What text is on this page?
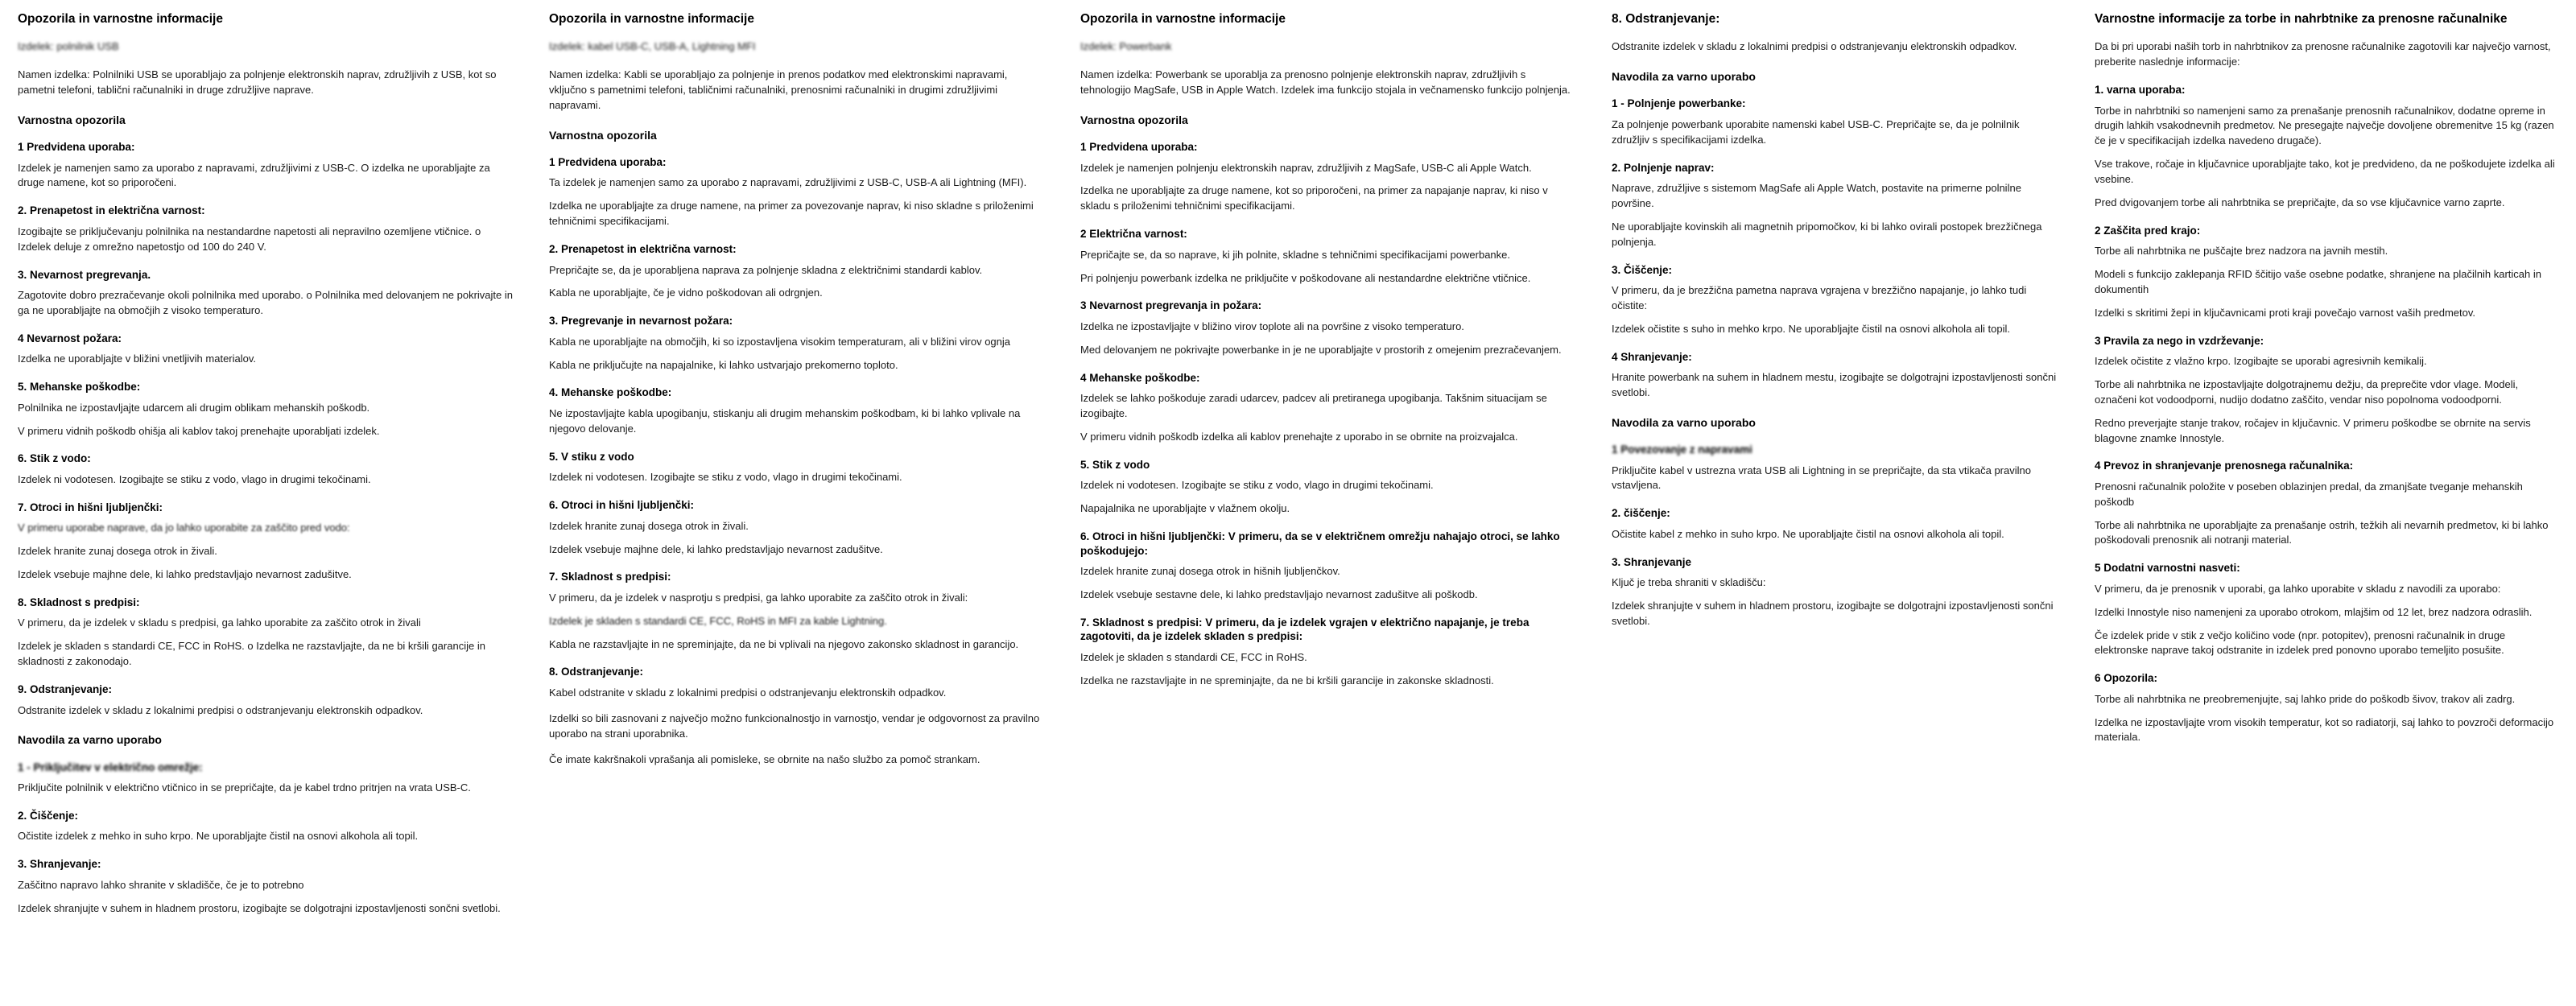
Opozorila in varnostne informacije

Izdelek: polnilnik USB

Namen izdelka: Polnilniki USB se uporabljajo za polnjenje elektronskih naprav, združljivih z USB, kot so pametni telefoni, tablični računalniki in druge združljive naprave.

Varnostna opozorila
1 Predvidena uporaba:

Izdelek je namenjen samo za uporabo z napravami, združljivimi z USB-C. O izdelka ne uporabljajte za druge namene, kot so priporočeni.

2. Prenapetost in električna varnost:

Izogibajte se priključevanju polnilnika na nestandardne napetosti ali nepravilno ozemljene vtičnice. o Izdelek deluje z omrežno napetostjo od 100 do 240 V.

3. Nevarnost pregrevanja.

Zagotovite dobro prezračevanje okoli polnilnika med uporabo. o Polnilnika med delovanjem ne pokrivajte in ga ne uporabljajte na območjih z visoko temperaturo.

4 Nevarnost požara:

Izdelka ne uporabljajte v bližini vnetljivih materialov.

5. Mehanske poškodbe:

Polnilnika ne izpostavljajte udarcem ali drugim oblikam mehanskih poškodb.

V primeru vidnih poškodb ohišja ali kablov takoj prenehajte uporabljati izdelek.

6. Stik z vodo:

Izdelek ni vodotesen. Izogibajte se stiku z vodo, vlago in drugimi tekočinami.

7. Otroci in hišni ljubljenčki:

V primeru uporabe naprave, da jo lahko uporabite za zaščito pred vodo:

Izdelek hranite zunaj dosega otrok in živali.

Izdelek vsebuje majhne dele, ki lahko predstavljajo nevarnost zadušitve.

8. Skladnost s predpisi:

V primeru, da je izdelek v skladu s predpisi, ga lahko uporabite za zaščito otrok in živali

Izdelek je skladen s standardi CE, FCC in RoHS. o Izdelka ne razstavljajte, da ne bi kršili garancije in skladnosti z zakonodajo.

9. Odstranjevanje:

Odstranite izdelek v skladu z lokalnimi predpisi o odstranjevanju elektronskih odpadkov.

Navodila za varno uporabo
1 - Priključitev v električno omrežje:

Priključite polnilnik v električno vtičnico in se prepričajte, da je kabel trdno pritrjen na vrata USB-C.

2. Čiščenje:

Očistite izdelek z mehko in suho krpo. Ne uporabljajte čistil na osnovi alkohola ali topil.

3. Shranjevanje:

Zaščitno napravo lahko shranite v skladišče, če je to potrebno

Izdelek shranjujte v suhem in hladnem prostoru, izogibajte se dolgotrajni izpostavljenosti sončni svetlobi.

Opozorila in varnostne informacije

Izdelek: kabel USB-C, USB-A, Lightning MFI

Namen izdelka: Kabli se uporabljajo za polnjenje in prenos podatkov med elektronskimi napravami, vključno s pametnimi telefoni, tabličnimi računalniki, prenosnimi računalniki in drugimi združljivimi napravami.

Varnostna opozorila
1 Predvidena uporaba:

Ta izdelek je namenjen samo za uporabo z napravami, združljivimi z USB-C, USB-A ali Lightning (MFI).

Izdelka ne uporabljajte za druge namene, na primer za povezovanje naprav, ki niso skladne s priloženimi tehničnimi specifikacijami.

2. Prenapetost in električna varnost:

Prepričajte se, da je uporabljena naprava za polnjenje skladna z električnimi standardi kablov.

Kabla ne uporabljajte, če je vidno poškodovan ali odrgnjen.

3. Pregrevanje in nevarnost požara:

Kabla ne uporabljajte na območjih, ki so izpostavljena visokim temperaturam, ali v bližini virov ognja

Kabla ne priključujte na napajalnike, ki lahko ustvarjajo prekomerno toploto.

4. Mehanske poškodbe:

Ne izpostavljajte kabla upogibanju, stiskanju ali drugim mehanskim poškodbam, ki bi lahko vplivale na njegovo delovanje.

5. V stiku z vodo

Izdelek ni vodotesen. Izogibajte se stiku z vodo, vlago in drugimi tekočinami.

6. Otroci in hišni ljubljenčki:

Izdelek hranite zunaj dosega otrok in živali.

Izdelek vsebuje majhne dele, ki lahko predstavljajo nevarnost zadušitve.

7. Skladnost s predpisi:

V primeru, da je izdelek v nasprotju s predpisi, ga lahko uporabite za zaščito otrok in živali:

Izdelek je skladen s standardi CE, FCC, RoHS in MFI za kable Lightning.

Kabla ne razstavljajte in ne spreminjajte, da ne bi vplivali na njegovo zakonsko skladnost in garancijo.

8. Odstranjevanje:

Kabel odstranite v skladu z lokalnimi predpisi o odstranjevanju elektronskih odpadkov.

Izdelki so bili zasnovani z največjo možno funkcionalnostjo in varnostjo, vendar je odgovornost za pravilno uporabo na strani uporabnika.

Če imate kakršnakoli vprašanja ali pomisleke, se obrnite na našo službo za pomoč strankam.

Opozorila in varnostne informacije

Izdelek: Powerbank

Namen izdelka: Powerbank se uporablja za prenosno polnjenje elektronskih naprav, združljivih s tehnologijo MagSafe, USB in Apple Watch. Izdelek ima funkcijo stojala in večnamensko funkcijo polnjenja.

Varnostna opozorila
1 Predvidena uporaba:

Izdelek je namenjen polnjenju elektronskih naprav, združljivih z MagSafe, USB-C ali Apple Watch.

Izdelka ne uporabljajte za druge namene, kot so priporočeni, na primer za napajanje naprav, ki niso v skladu s priloženimi tehničnimi specifikacijami.

2 Električna varnost:

Prepričajte se, da so naprave, ki jih polnite, skladne s tehničnimi specifikacijami powerbanke.

Pri polnjenju powerbank izdelka ne priključite v poškodovane ali nestandardne električne vtičnice.

3 Nevarnost pregrevanja in požara:

Izdelka ne izpostavljajte v bližino virov toplote ali na površine z visoko temperaturo.

Med delovanjem ne pokrivajte powerbanke in je ne uporabljajte v prostorih z omejenim prezračevanjem.

4 Mehanske poškodbe:

Izdelek se lahko poškoduje zaradi udarcev, padcev ali pretiranega upogibanja. Takšnim situacijam se izogibajte.

V primeru vidnih poškodb izdelka ali kablov prenehajte z uporabo in se obrnite na proizvajalca.

5. Stik z vodo

Izdelek ni vodotesen. Izogibajte se stiku z vodo, vlago in drugimi tekočinami.

Napajalnika ne uporabljajte v vlažnem okolju.

6. Otroci in hišni ljubljenčki: V primeru, da se v električnem omrežju nahajajo otroci, se lahko poškodujejo:

Izdelek hranite zunaj dosega otrok in hišnih ljubljenčkov.

Izdelek vsebuje sestavne dele, ki lahko predstavljajo nevarnost zadušitve ali poškodb.

7. Skladnost s predpisi: V primeru, da je izdelek vgrajen v električno napajanje, je treba zagotoviti, da je izdelek skladen s predpisi:

Izdelek je skladen s standardi CE, FCC in RoHS.

Izdelka ne razstavljajte in ne spreminjajte, da ne bi kršili garancije in zakonske skladnosti.

8. Odstranjevanje:

Odstranite izdelek v skladu z lokalnimi predpisi o odstranjevanju elektronskih odpadkov.

Navodila za varno uporabo
1 - Polnjenje powerbanke:

Za polnjenje powerbank uporabite namenski kabel USB-C. Prepričajte se, da je polnilnik združljiv s specifikacijami izdelka.

2. Polnjenje naprav:

Naprave, združljive s sistemom MagSafe ali Apple Watch, postavite na primerne polnilne površine.

Ne uporabljajte kovinskih ali magnetnih pripomočkov, ki bi lahko ovirali postopek brezžičnega polnjenja.

3. Čiščenje:

V primeru, da je brezžična pametna naprava vgrajena v brezžično napajanje, jo lahko tudi očistite:

Izdelek očistite s suho in mehko krpo. Ne uporabljajte čistil na osnovi alkohola ali topil.

4 Shranjevanje:

Hranite powerbank na suhem in hladnem mestu, izogibajte se dolgotrajni izpostavljenosti sončni svetlobi.

Navodila za varno uporabo
1 Povezovanje z napravami

Priključite kabel v ustrezna vrata USB ali Lightning in se prepričajte, da sta vtikača pravilno vstavljena.

2. čiščenje:

Očistite kabel z mehko in suho krpo. Ne uporabljajte čistil na osnovi alkohola ali topil.

3. Shranjevanje

Ključ je treba shraniti v skladišču:

Izdelek shranjujte v suhem in hladnem prostoru, izogibajte se dolgotrajni izpostavljenosti sončni svetlobi.

Varnostne informacije za torbe in nahrbtnike za prenosne računalnike

Da bi pri uporabi naših torb in nahrbtnikov za prenosne računalnike zagotovili kar največjo varnost, preberite naslednje informacije:

1. varna uporaba:

Torbe in nahrbtniki so namenjeni samo za prenašanje prenosnih računalnikov, dodatne opreme in drugih lahkih vsakodnevnih predmetov. Ne presegajte največje dovoljene obremenitve 15 kg (razen če je v specifikacijah izdelka navedeno drugače).

Vse trakove, ročaje in ključavnice uporabljajte tako, kot je predvideno, da ne poškodujete izdelka ali vsebine.

Pred dvigovanjem torbe ali nahrbtnika se prepričajte, da so vse ključavnice varno zaprte.

2 Zaščita pred krajo:

Torbe ali nahrbtnika ne puščajte brez nadzora na javnih mestih.

Modeli s funkcijo zaklepanja RFID ščitijo vaše osebne podatke, shranjene na plačilnih karticah in dokumentih

Izdelki s skritimi žepi in ključavnicami proti kraji povečajo varnost vaših predmetov.

3 Pravila za nego in vzdrževanje:

Izdelek očistite z vlažno krpo. Izogibajte se uporabi agresivnih kemikalij.

Torbe ali nahrbtnika ne izpostavljajte dolgotrajnemu dežju, da preprečite vdor vlage. Modeli, označeni kot vodoodporni, nudijo dodatno zaščito, vendar niso popolnoma vodoodporni.

Redno preverjajte stanje trakov, ročajev in ključavnic. V primeru poškodbe se obrnite na servis blagovne znamke Innostyle.

4 Prevoz in shranjevanje prenosnega računalnika:

Prenosni računalnik položite v poseben oblazinjen predal, da zmanjšate tveganje mehanskih poškodb

Torbe ali nahrbtnika ne uporabljajte za prenašanje ostrih, težkih ali nevarnih predmetov, ki bi lahko poškodovali prenosnik ali notranji material.

5 Dodatni varnostni nasveti:

V primeru, da je prenosnik v uporabi, ga lahko uporabite v skladu z navodili za uporabo:

Izdelki Innostyle niso namenjeni za uporabo otrokom, mlajšim od 12 let, brez nadzora odraslih.

Če izdelek pride v stik z večjo količino vode (npr. potopitev), prenosni računalnik in druge elektronske naprave takoj odstranite in izdelek pred ponovno uporabo temeljito posušite.

6 Opozorila:

Torbe ali nahrbtnika ne preobremenjujte, saj lahko pride do poškodb šivov, trakov ali zadrg.

Izdelka ne izpostavljajte vrom visokih temperatur, kot so radiatorji, saj lahko to povzroči deformacijo materiala.
